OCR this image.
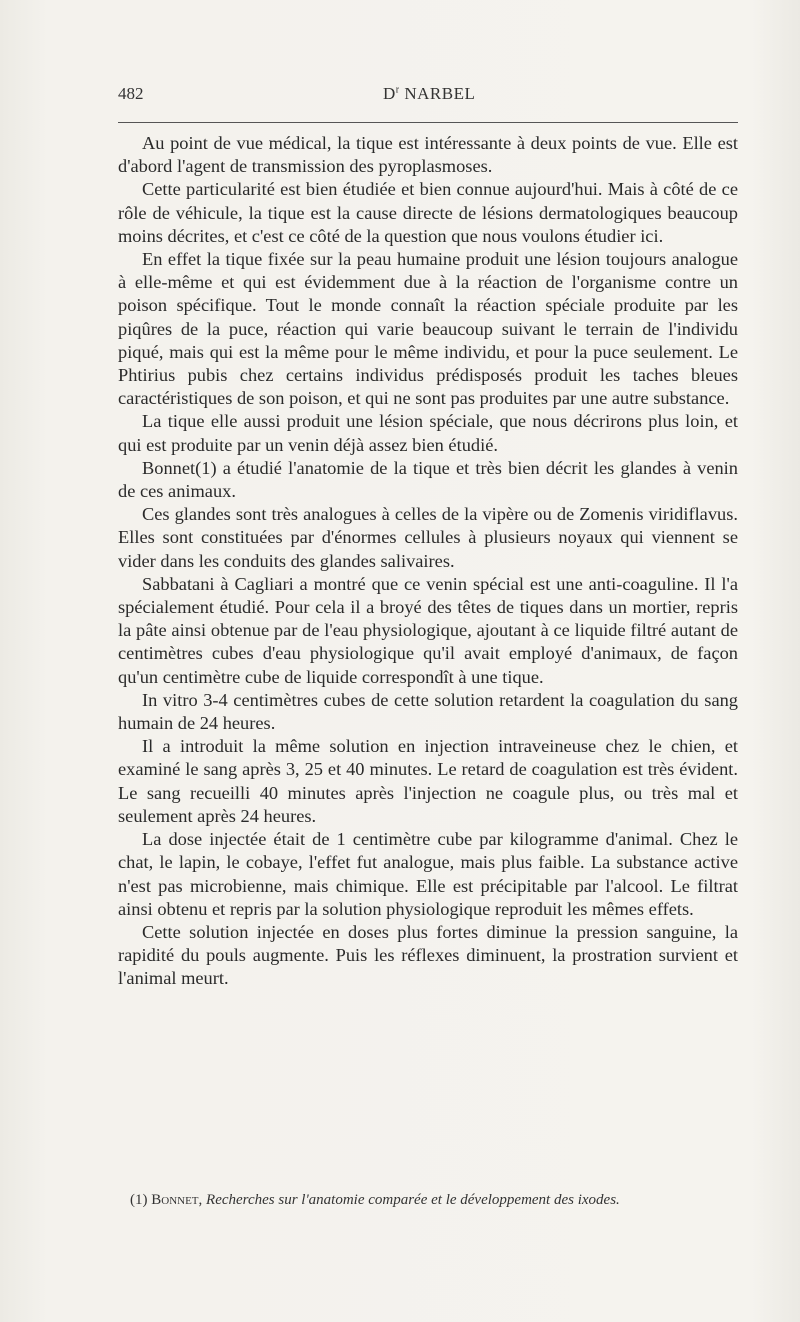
482	$D^r$ NARBEL

Au point de vue médical, la tique est intéressante à deux points de vue. Elle est d'abord l'agent de transmission des pyroplasmoses.

Cette particularité est bien étudiée et bien connue aujourd'hui. Mais à côté de ce rôle de véhicule, la tique est la cause directe de lésions dermatologiques beaucoup moins décrites, et c'est ce côté de la question que nous voulons étudier ici.

En effet la tique fixée sur la peau humaine produit une lésion toujours analogue à elle-même et qui est évidemment due à la réaction de l'organisme contre un poison spécifique. Tout le monde connaît la réaction spéciale produite par les piqûres de la puce, réaction qui varie beaucoup suivant le terrain de l'individu piqué, mais qui est la même pour le même individu, et pour la puce seulement. Le Phtirius pubis chez certains individus prédisposés produit les taches bleues caractéristiques de son poison, et qui ne sont pas produites par une autre substance.

La tique elle aussi produit une lésion spéciale, que nous décrirons plus loin, et qui est produite par un venin déjà assez bien étudié.

Bonnet(1) a étudié l'anatomie de la tique et très bien décrit les glandes à venin de ces animaux.

Ces glandes sont très analogues à celles de la vipère ou de Zomenis viridiflavus. Elles sont constituées par d'énormes cellules à plusieurs noyaux qui viennent se vider dans les conduits des glandes salivaires.

Sabbatani à Cagliari a montré que ce venin spécial est une anti-coaguline. Il l'a spécialement étudié. Pour cela il a broyé des têtes de tiques dans un mortier, repris la pâte ainsi obtenue par de l'eau physiologique, ajoutant à ce liquide filtré autant de centimètres cubes d'eau physiologique qu'il avait employé d'animaux, de façon qu'un centimètre cube de liquide correspondît à une tique.

In vitro 3-4 centimètres cubes de cette solution retardent la coagulation du sang humain de 24 heures.

Il a introduit la même solution en injection intraveineuse chez le chien, et examiné le sang après 3, 25 et 40 minutes. Le retard de coagulation est très évident. Le sang recueilli 40 minutes après l'injection ne coagule plus, ou très mal et seulement après 24 heures.

La dose injectée était de 1 centimètre cube par kilogramme d'animal. Chez le chat, le lapin, le cobaye, l'effet fut analogue, mais plus faible. La substance active n'est pas microbienne, mais chimique. Elle est précipitable par l'alcool. Le filtrat ainsi obtenu et repris par la solution physiologique reproduit les mêmes effets.

Cette solution injectée en doses plus fortes diminue la pression sanguine, la rapidité du pouls augmente. Puis les réflexes diminuent, la prostration survient et l'animal meurt.

(1) Bonnet, Recherches sur l'anatomie comparée et le développement des ixodes.
